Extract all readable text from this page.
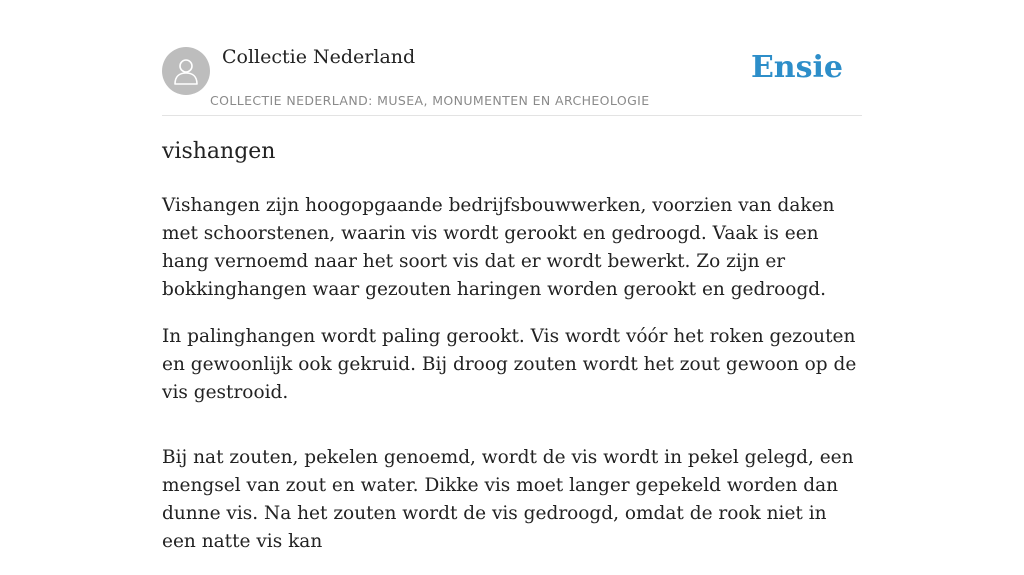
Collectie Nederland
COLLECTIE NEDERLAND: MUSEA, MONUMENTEN EN ARCHEOLOGIE
Ensie
vishangen

Vishangen zijn hoogopgaande bedrijfsbouwwerken, voorzien van daken met schoorstenen, waarin vis wordt gerookt en gedroogd. Vaak is een hang vernoemd naar het soort vis dat er wordt bewerkt. Zo zijn er bokkinghangen waar gezouten haringen worden gerookt en gedroogd.

In palinghangen wordt paling gerookt. Vis wordt vóór het roken gezouten en gewoonlijk ook gekruid. Bij droog zouten wordt het zout gewoon op de vis gestrooid.

Bij nat zouten, pekelen genoemd, wordt de vis wordt in pekel gelegd, een mengsel van zout en water. Dikke vis moet langer gepekeld worden dan dunne vis. Na het zouten wordt de vis gedroogd, omdat de rook niet in een natte vis kan
